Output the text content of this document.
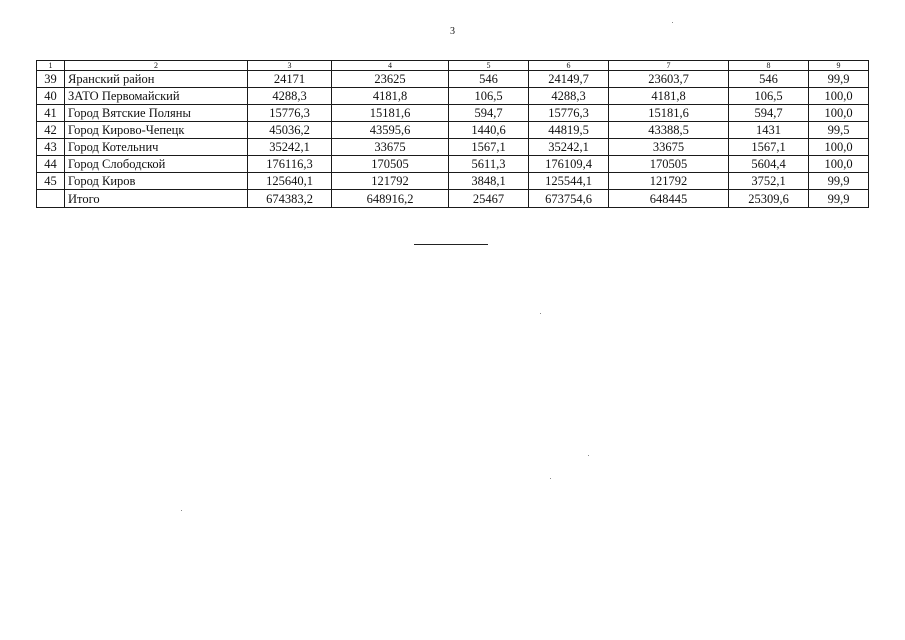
3
1	2	3	4	5	6	7	8	9
39	Яранский район	24171	23625	546	24149,7	23603,7	546	99,9
40	ЗАТО Первомайский	4288,3	4181,8	106,5	4288,3	4181,8	106,5	100,0
41	Город Вятские Поляны	15776,3	15181,6	594,7	15776,3	15181,6	594,7	100,0
42	Город Кирово-Чепецк	45036,2	43595,6	1440,6	44819,5	43388,5	1431	99,5
43	Город Котельнич	35242,1	33675	1567,1	35242,1	33675	1567,1	100,0
44	Город Слободской	176116,3	170505	5611,3	176109,4	170505	5604,4	100,0
45	Город Киров	125640,1	121792	3848,1	125544,1	121792	3752,1	99,9
	Итого	674383,2	648916,2	25467	673754,6	648445	25309,6	99,9
